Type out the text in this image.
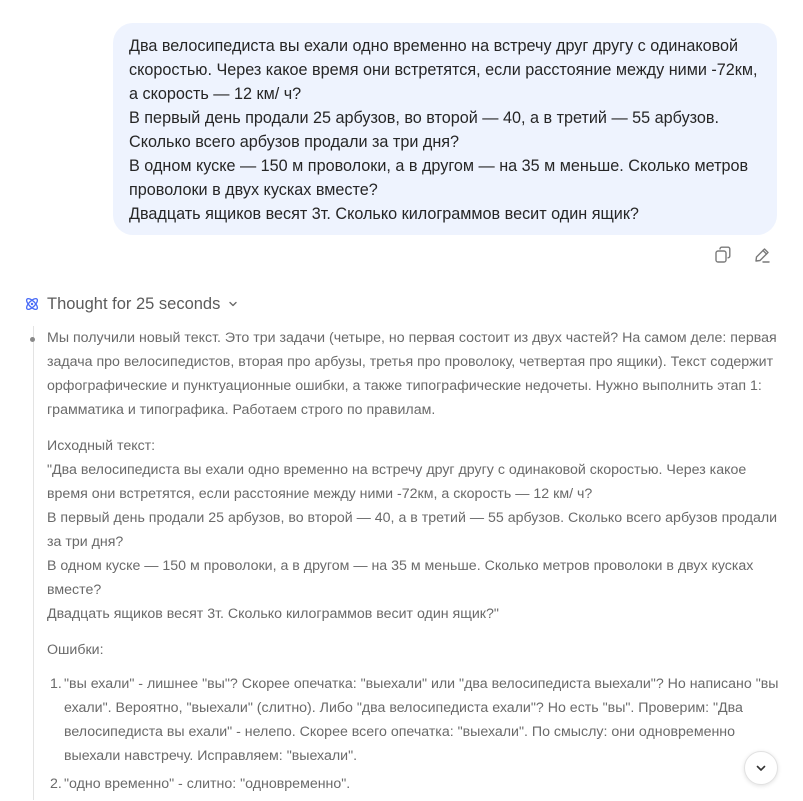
Два велосипедиста вы ехали одно временно на встречу друг другу с одинаковой
скоростью. Через какое время они встретятся, если расстояние между ними -72км,
а скорость — 12 км/ ч?
В первый день продали 25 арбузов, во второй — 40, а в третий — 55 арбузов.
Сколько всего арбузов продали за три дня?
В одном куске — 150 м проволоки, а в другом — на 35 м меньше. Сколько метров
проволоки в двух кусках вместе?
Двадцать ящиков весят 3т. Сколько килограммов весит один ящик?
Thought for 25 seconds

Мы получили новый текст. Это три задачи (четыре, но первая состоит из двух частей? На самом деле: первая
задача про велосипедистов, вторая про арбузы, третья про проволоку, четвертая про ящики). Текст содержит
орфографические и пунктуационные ошибки, а также типографические недочеты. Нужно выполнить этап 1:
грамматика и типографика. Работаем строго по правилам.

Исходный текст:

"Два велосипедиста вы ехали одно временно на встречу друг другу с одинаковой скоростью. Через какое
время они встретятся, если расстояние между ними -72км, а скорость — 12 км/ ч?
В первый день продали 25 арбузов, во второй — 40, а в третий — 55 арбузов. Сколько всего арбузов продали
за три дня?
В одном куске — 150 м проволоки, а в другом — на 35 м меньше. Сколько метров проволоки в двух кусках
вместе?
Двадцать ящиков весят 3т. Сколько килограммов весит один ящик?"

Ошибки:

1. "вы ехали" - лишнее "вы"? Скорее опечатка: "выехали" или "два велосипедиста выехали"? Но написано "вы
ехали". Вероятно, "выехали" (слитно). Либо "два велосипедиста ехали"? Но есть "вы". Проверим: "Два
велосипедиста вы ехали" - нелепо. Скорее всего опечатка: "выехали". По смыслу: они одновременно
выехали навстречу. Исправляем: "выехали".
2. "одно временно" - слитно: "одновременно".
